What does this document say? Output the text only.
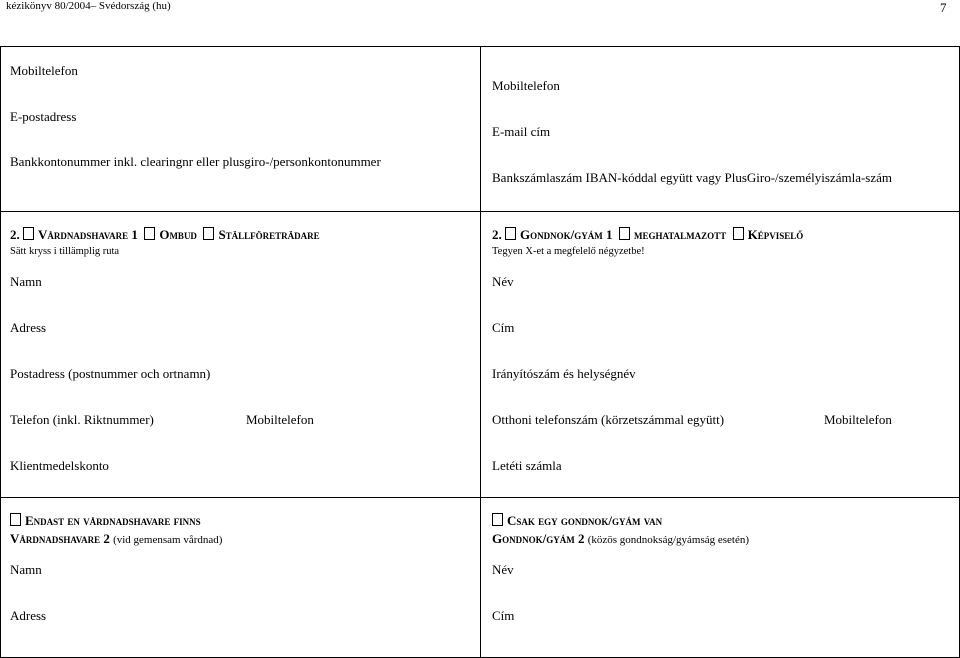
kézikönyv 80/2004– Svédország (hu)	7
Mobiltelefon
E-postadress
Bankkontonummer inkl. clearingnr eller plusgiro-/personkontonummer
Mobiltelefon
E-mail cím
Bankszámlaszám IBAN-kóddal együtt vagy PlusGiro-/személyiszámla-szám
2. Vårdnadshavare 1 Ombud Ställföreträdare
Sätt kryss i tillämplig ruta
Namn
Adress
Postadress (postnummer och ortnamn)
Telefon (inkl. Riktnummer)	Mobiltelefon
Klientmedelskonto
2. Gondnok/gyám 1 meghatalmazott Képviselő
Tegyen X-et a megfelelő négyzetbe!
Név
Cím
Irányítószám és helységnév
Otthoni telefonszám (körzetszámmal együtt)	Mobiltelefon
Letéti számla
Endast en vårdnadshavare finns
Vårdnadshavare 2 (vid gemensam vårdnad)
Namn
Adress
Csak egy gondnok/gyám van
Gondnok/gyám 2 (közös gondnokság/gyámság esetén)
Név
Cím
